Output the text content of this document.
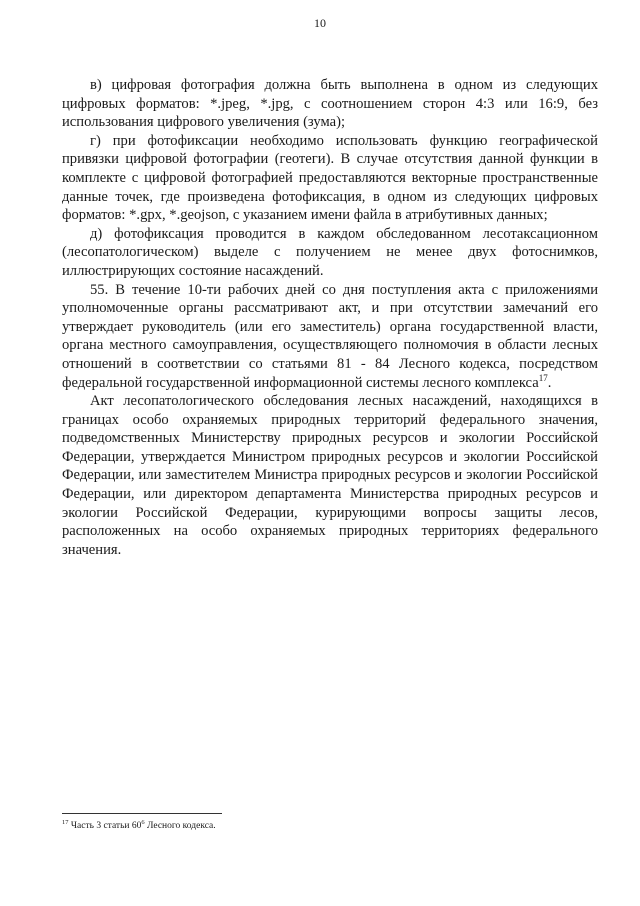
10

в) цифровая фотография должна быть выполнена в одном из следующих цифровых форматов: *.jpeg, *.jpg, с соотношением сторон 4:3 или 16:9, без использования цифрового увеличения (зума);

г) при фотофиксации необходимо использовать функцию географической привязки цифровой фотографии (геотеги). В случае отсутствия данной функции в комплекте с цифровой фотографией предоставляются векторные пространственные данные точек, где произведена фотофиксация, в одном из следующих цифровых форматов: *.gpx, *.geojson, с указанием имени файла в атрибутивных данных;

д) фотофиксация проводится в каждом обследованном лесотаксационном (лесопатологическом) выделе с получением не менее двух фотоснимков, иллюстрирующих состояние насаждений.

55. В течение 10-ти рабочих дней со дня поступления акта с приложениями уполномоченные органы рассматривают акт, и при отсутствии замечаний его утверждает руководитель (или его заместитель) органа государственной власти, органа местного самоуправления, осуществляющего полномочия в области лесных отношений в соответствии со статьями 81 - 84 Лесного кодекса, посредством федеральной государственной информационной системы лесного комплекса$^{17}$.

Акт лесопатологического обследования лесных насаждений, находящихся в границах особо охраняемых природных территорий федерального значения, подведомственных Министерству природных ресурсов и экологии Российской Федерации, утверждается Министром природных ресурсов и экологии Российской Федерации, или заместителем Министра природных ресурсов и экологии Российской Федерации, или директором департамента Министерства природных ресурсов и экологии Российской Федерации, курирующими вопросы защиты лесов, расположенных на особо охраняемых природных территориях федерального значения.

$^{17}$ Часть 3 статьи $60^6$ Лесного кодекса.
